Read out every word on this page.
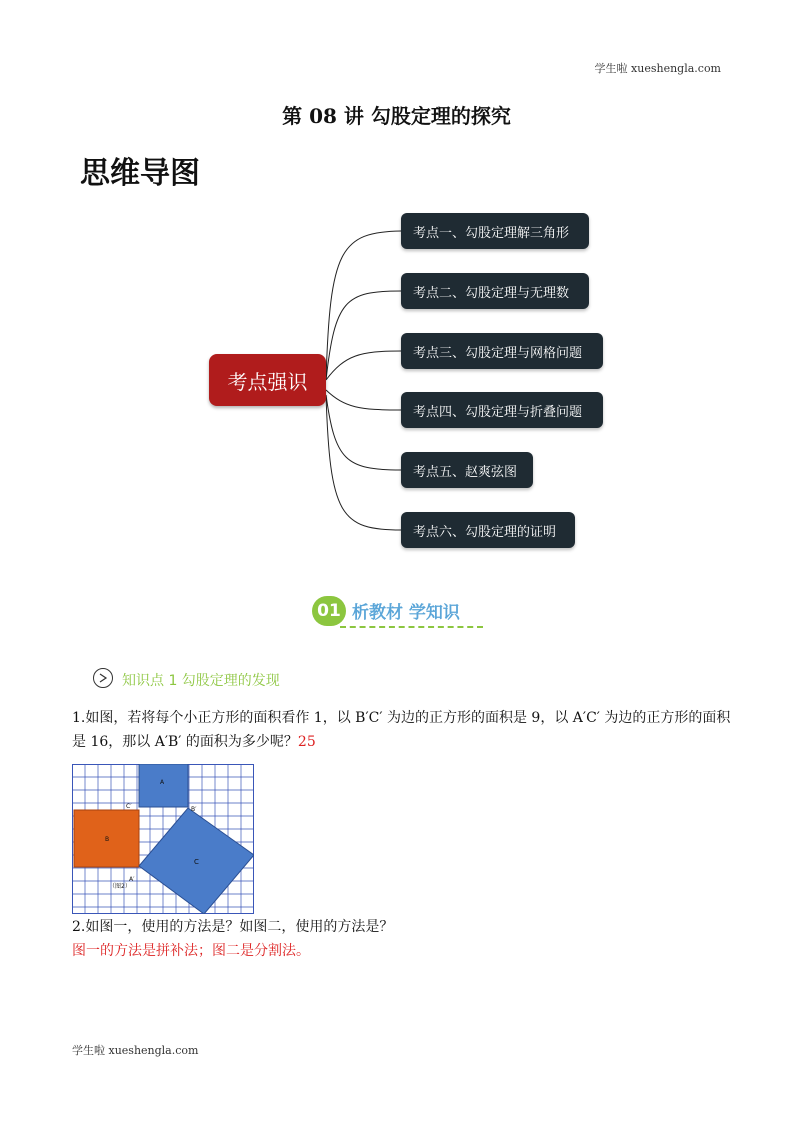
学生啦 xueshengla.com
第 08 讲 勾股定理的探究
思维导图
考点强识
考点一、勾股定理解三角形
考点二、勾股定理与无理数
考点三、勾股定理与网格问题
考点四、勾股定理与折叠问题
考点五、赵爽弦图
考点六、勾股定理的证明
01 析教材 学知识
知识点 1 勾股定理的发现
1.如图，若将每个小正方形的面积看作 1，以 B′C′ 为边的正方形的面积是 9，以 A′C′ 为边的正方形的面积是 16，那以 A′B′ 的面积为多少呢？25
A
B
C
C′	B′
A′
（图2）
2.如图一，使用的方法是？如图二，使用的方法是？
图一的方法是拼补法；图二是分割法。
学生啦 xueshengla.com
